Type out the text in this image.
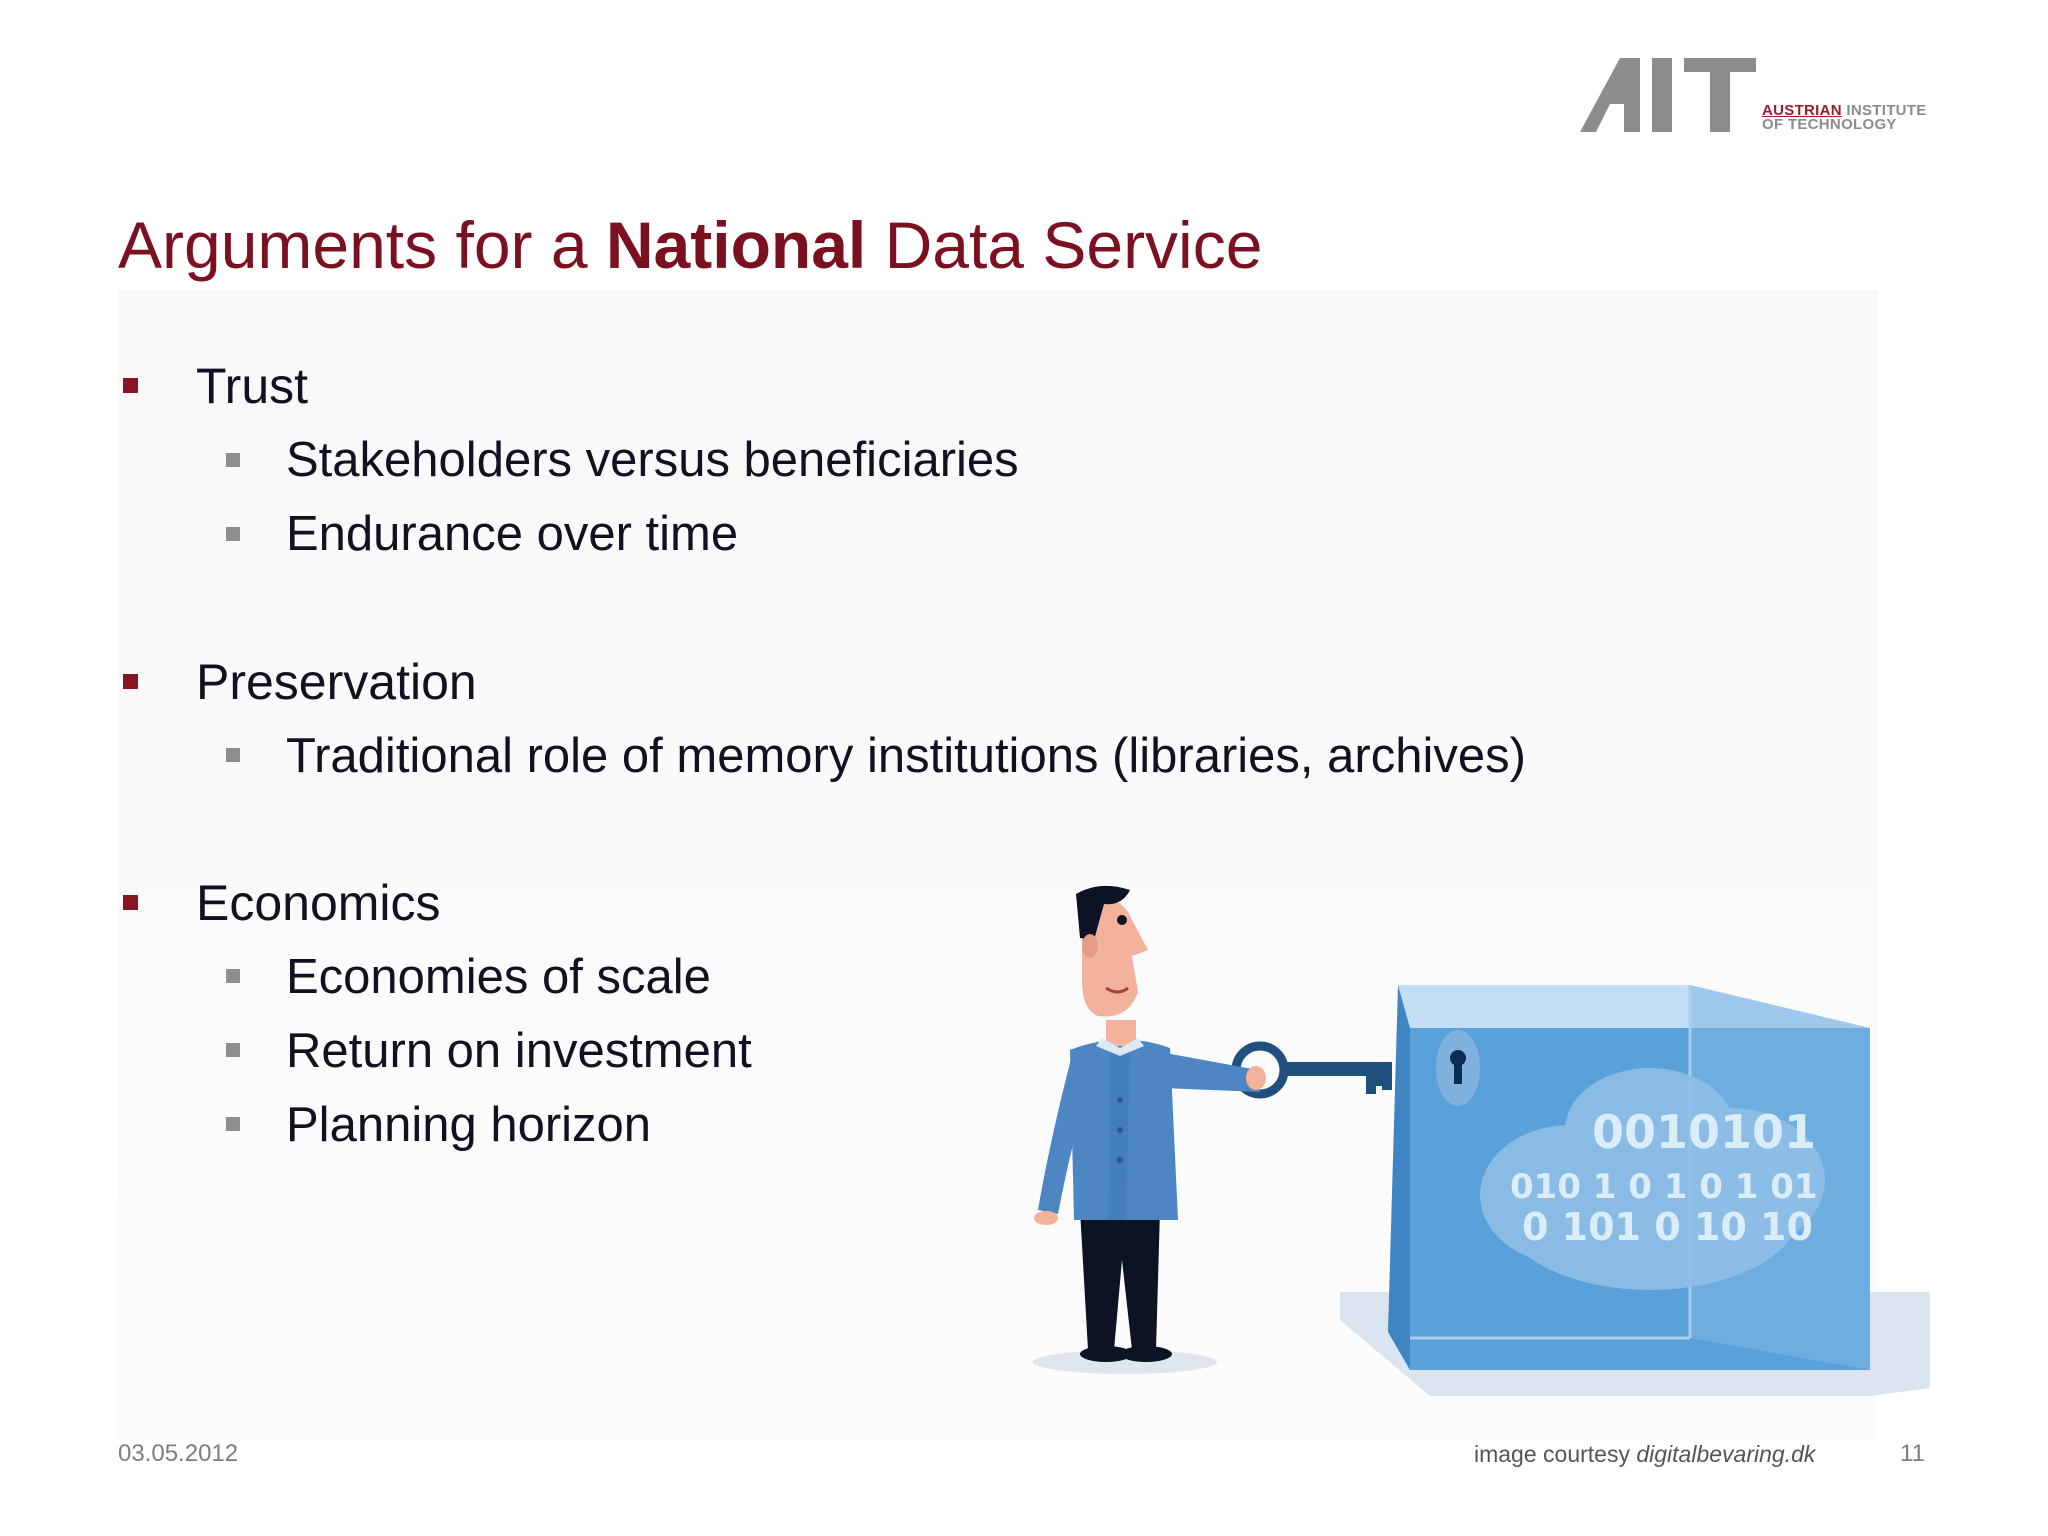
AUSTRIAN INSTITUTE
OF TECHNOLOGY
Arguments for a National Data Service
Trust
Stakeholders versus beneficiaries
Endurance over time
Preservation
Traditional role of memory institutions (libraries, archives)
Economics
Economies of scale
Return on investment
Planning horizon	0010101
010 1 0 1 0 1 01
0 101 0 10 10
03.05.2012	image courtesy digitalbevaring.dk	11
